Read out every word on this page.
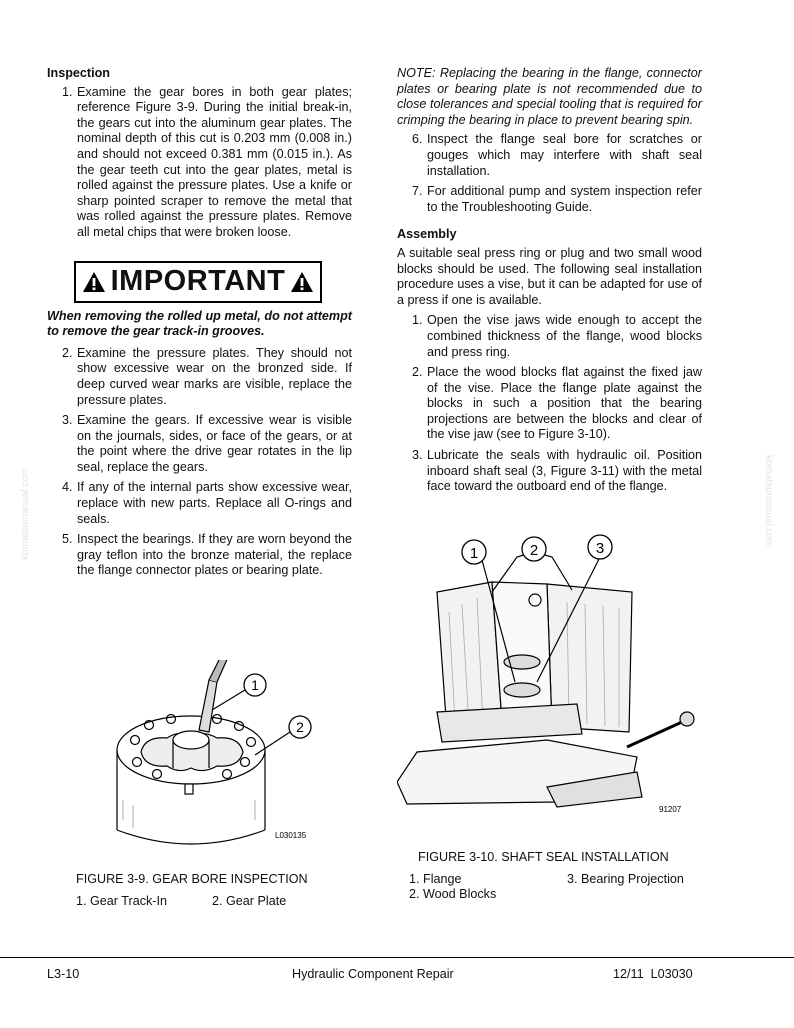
Inspection
1. Examine the gear bores in both gear plates; reference Figure 3-9. During the initial break-in, the gears cut into the aluminum gear plates. The nominal depth of this cut is 0.203 mm (0.008 in.) and should not exceed 0.381 mm (0.015 in.). As the gear teeth cut into the gear plates, metal is rolled against the pressure plates. Use a knife or sharp pointed scraper to remove the metal that was rolled against the pressure plates. Remove all metal chips that were broken loose.
IMPORTANT
When removing the rolled up metal, do not attempt to remove the gear track-in grooves.
2. Examine the pressure plates. They should not show excessive wear on the bronzed side. If deep curved wear marks are visible, replace the pressure plates.
3. Examine the gears. If excessive wear is visible on the journals, sides, or face of the gears, or at the point where the drive gear rotates in the lip seal, replace the gears.
4. If any of the internal parts show excessive wear, replace with new parts. Replace all O-rings and seals.
5. Inspect the bearings. If they are worn beyond the gray teflon into the bronze material, the replace the flange connector plates or bearing plate.
NOTE: Replacing the bearing in the flange, connector plates or bearing plate is not recommended due to close tolerances and special tooling that is required for crimping the bearing in place to prevent bearing spin.
6. Inspect the flange seal bore for scratches or gouges which may interfere with shaft seal installation.
7. For additional pump and system inspection refer to the Troubleshooting Guide.
Assembly
A suitable seal press ring or plug and two small wood blocks should be used. The following seal installation procedure uses a vise, but it can be adapted for use of a press if one is available.
1. Open the vise jaws wide enough to accept the combined thickness of the flange, wood blocks and press ring.
2. Place the wood blocks flat against the fixed jaw of the vise. Place the flange plate against the blocks in such a position that the bearing projections are between the blocks and clear of the vise jaw (see to Figure 3-10).
3. Lubricate the seals with hydraulic oil. Position inboard shaft seal (3, Figure 3-11) with the metal face toward the outboard end of the flange.
1
2
L030135
FIGURE 3-9. GEAR BORE INSPECTION
1. Gear Track-In	2. Gear Plate
1	2	3
91207
FIGURE 3-10. SHAFT SEAL INSTALLATION
1. Flange
2. Wood Blocks
3. Bearing Projection
komatsumanual.com	komatsumanual.com
L3-10	Hydraulic Component Repair	12/11  L03030
